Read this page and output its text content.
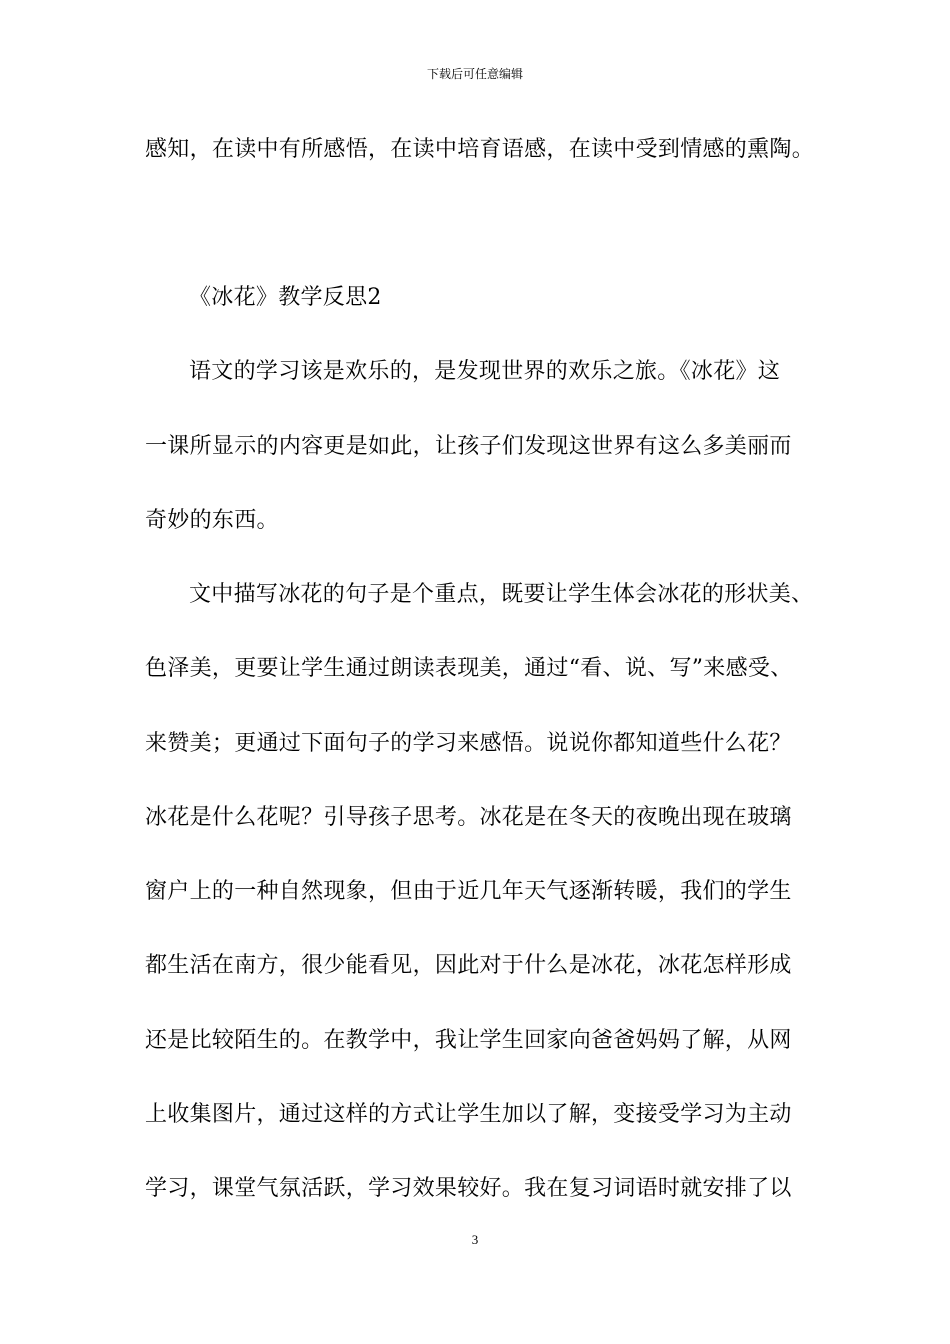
下载后可任意编辑
感知，在读中有所感悟，在读中培育语感，在读中受到情感的熏陶。
《冰花》教学反思2
语文的学习该是欢乐的，是发现世界的欢乐之旅。《冰花》这
一课所显示的内容更是如此，让孩子们发现这世界有这么多美丽而
奇妙的东西。
文中描写冰花的句子是个重点，既要让学生体会冰花的形状美、
色泽美，更要让学生通过朗读表现美，通过“看、说、写”来感受、
来赞美；更通过下面句子的学习来感悟。说说你都知道些什么花？
冰花是什么花呢？引导孩子思考。冰花是在冬天的夜晚出现在玻璃
窗户上的一种自然现象，但由于近几年天气逐渐转暖，我们的学生
都生活在南方，很少能看见，因此对于什么是冰花，冰花怎样形成
还是比较陌生的。在教学中，我让学生回家向爸爸妈妈了解，从网
上收集图片，通过这样的方式让学生加以了解，变接受学习为主动
学习，课堂气氛活跃，学习效果较好。我在复习词语时就安排了以
3
